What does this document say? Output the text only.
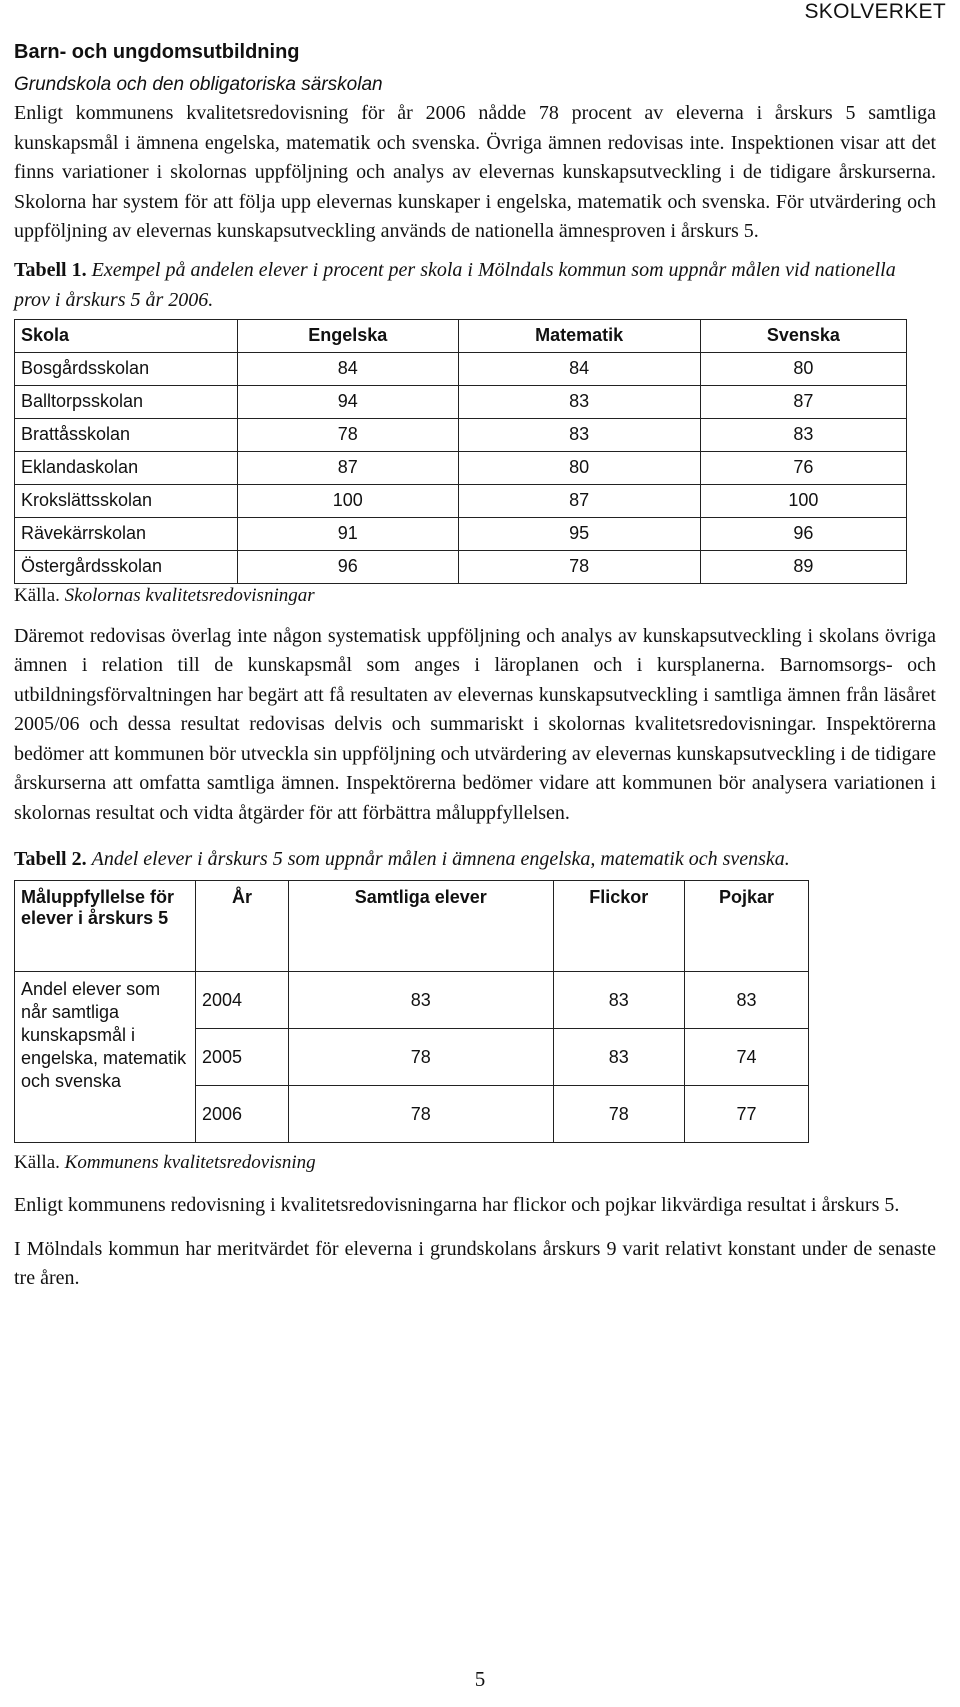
SKOLVERKET
Barn- och ungdomsutbildning
Grundskola och den obligatoriska särskolan

Enligt kommunens kvalitetsredovisning för år 2006 nådde 78 procent av eleverna i årskurs 5 samtliga kunskapsmål i ämnena engelska, matematik och svenska. Övriga ämnen redovisas inte. Inspektionen visar att det finns variationer i skolornas uppföljning och analys av elevernas kunskapsutveckling i de tidigare årskurserna. Skolorna har system för att följa upp elevernas kunskaper i engelska, matematik och svenska. För utvärdering och uppföljning av elevernas kunskapsutveckling används de nationella ämnesproven i årskurs 5.

Tabell 1. Exempel på andelen elever i procent per skola i Mölndals kommun som uppnår målen vid nationella prov i årskurs 5 år 2006.
Skola	Engelska	Matematik	Svenska
Bosgårdsskolan	84	84	80
Balltorpsskolan	94	83	87
Brattåsskolan	78	83	83
Eklandaskolan	87	80	76
Krokslättsskolan	100	87	100
Rävekärrskolan	91	95	96
Östergårdsskolan	96	78	89
Källa. Skolornas kvalitetsredovisningar

Däremot redovisas överlag inte någon systematisk uppföljning och analys av kunskapsutveckling i skolans övriga ämnen i relation till de kunskapsmål som anges i läroplanen och i kursplanerna. Barnomsorgs- och utbildningsförvaltningen har begärt att få resultaten av elevernas kunskapsutveckling i samtliga ämnen från läsåret 2005/06 och dessa resultat redovisas delvis och summariskt i skolornas kvalitetsredovisningar. Inspektörerna bedömer att kommunen bör utveckla sin uppföljning och utvärdering av elevernas kunskapsutveckling i de tidigare årskurserna att omfatta samtliga ämnen. Inspektörerna bedömer vidare att kommunen bör analysera variationen i skolornas resultat och vidta åtgärder för att förbättra måluppfyllelsen.

Tabell 2. Andel elever i årskurs 5 som uppnår målen i ämnena engelska, matematik och svenska.
Måluppfyllelse för elever i årskurs 5	År	Samtliga elever	Flickor	Pojkar
Andel elever som når samtliga kunskapsmål i engelska, matematik och svenska	2004	83	83	83
	2005	78	83	74
	2006	78	78	77
Källa. Kommunens kvalitetsredovisning

Enligt kommunens redovisning i kvalitetsredovisningarna har flickor och pojkar likvärdiga resultat i årskurs 5.

I Mölndals kommun har meritvärdet för eleverna i grundskolans årskurs 9 varit relativt konstant under de senaste tre åren.

5
